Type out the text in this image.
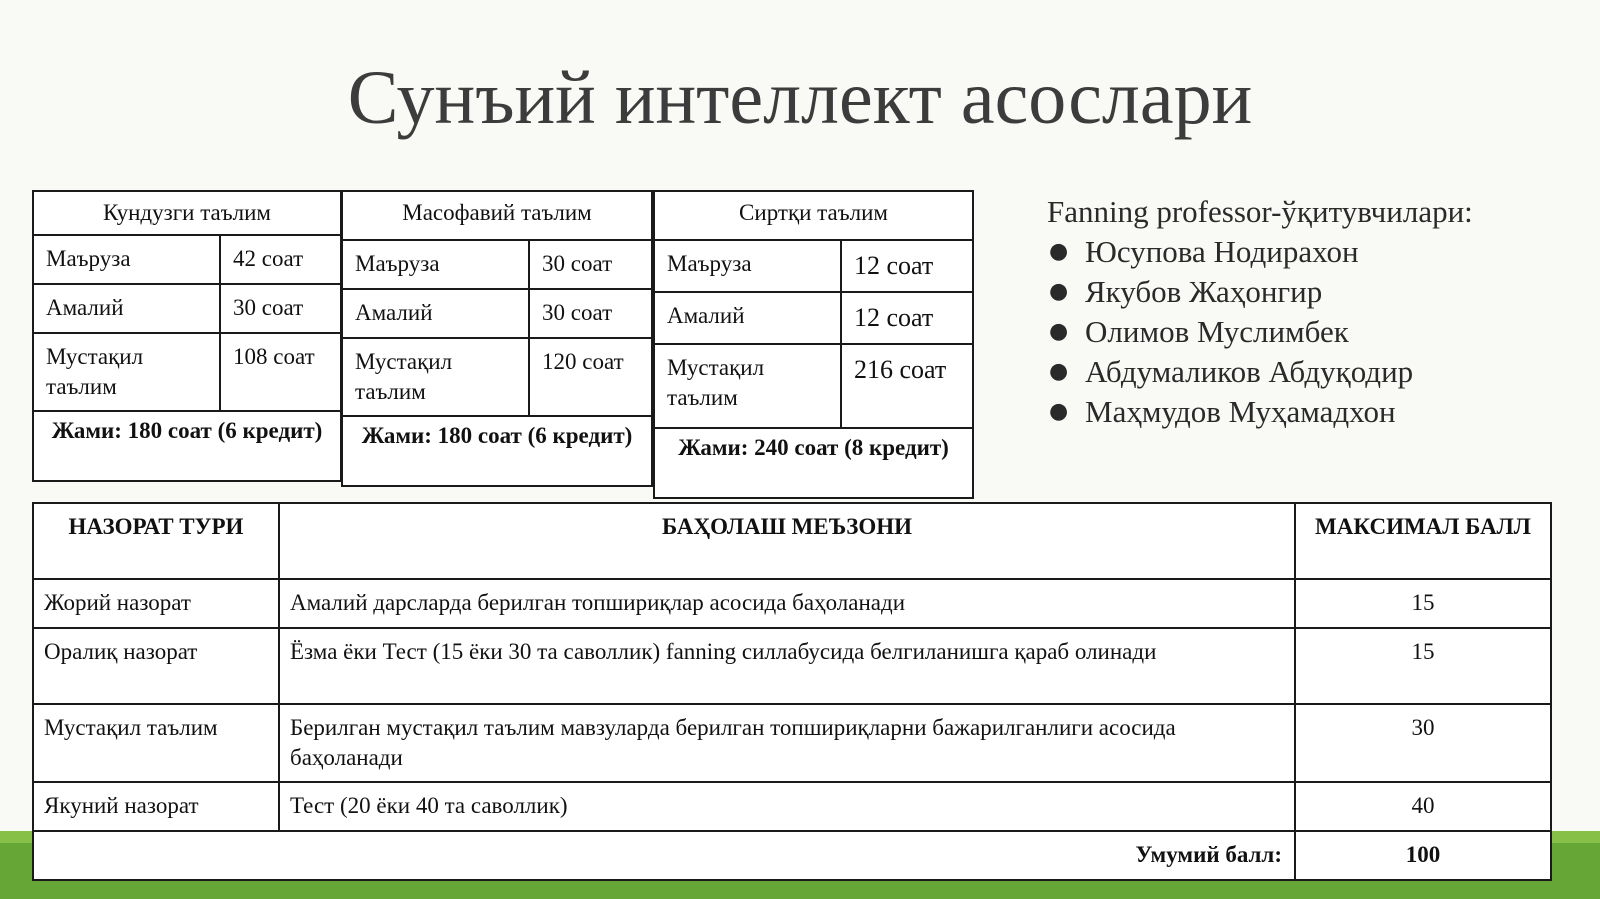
Сунъий интеллект асослари
Кундузги таълим	
Маъруза	42 соат
Амалий	30 соат
Мустақил таълим	108 соат
Жами: 180 соат (6 кредит)	
Масофавий таълим	
Маъруза	30 соат
Амалий	30 соат
Мустақил таълим	120 соат
Жами: 180 соат (6 кредит)	
Сиртқи таълим	
Маъруза	12 соат
Амалий	12 соат
Мустақил таълим	216 соат
Жами: 240 соат (8 кредит)	
Fanning professor-ўқитувчилари:
● Юсупова Нодирахон
● Якубов Жаҳонгир
● Олимов Муслимбек
● Абдумаликов Абдуқодир
● Маҳмудов Муҳамадхон
НАЗОРАТ ТУРИ	БАҲОЛАШ МЕЪЗОНИ	МАКСИМАЛ БАЛЛ
Жорий назорат	Амалий дарсларда берилган топшириқлар асосида баҳоланади	15
Оралиқ назорат	Ёзма ёки Тест (15 ёки 30 та саволлик) fanning силлабусида белгиланишга қараб олинади	15
Мустақил таълим	Берилган мустақил таълим мавзуларда берилган топшириқларни бажарилганлиги асосида баҳоланади	30
Якуний назорат	Тест (20 ёки 40 та саволлик)	40
Умумий балл:		100
